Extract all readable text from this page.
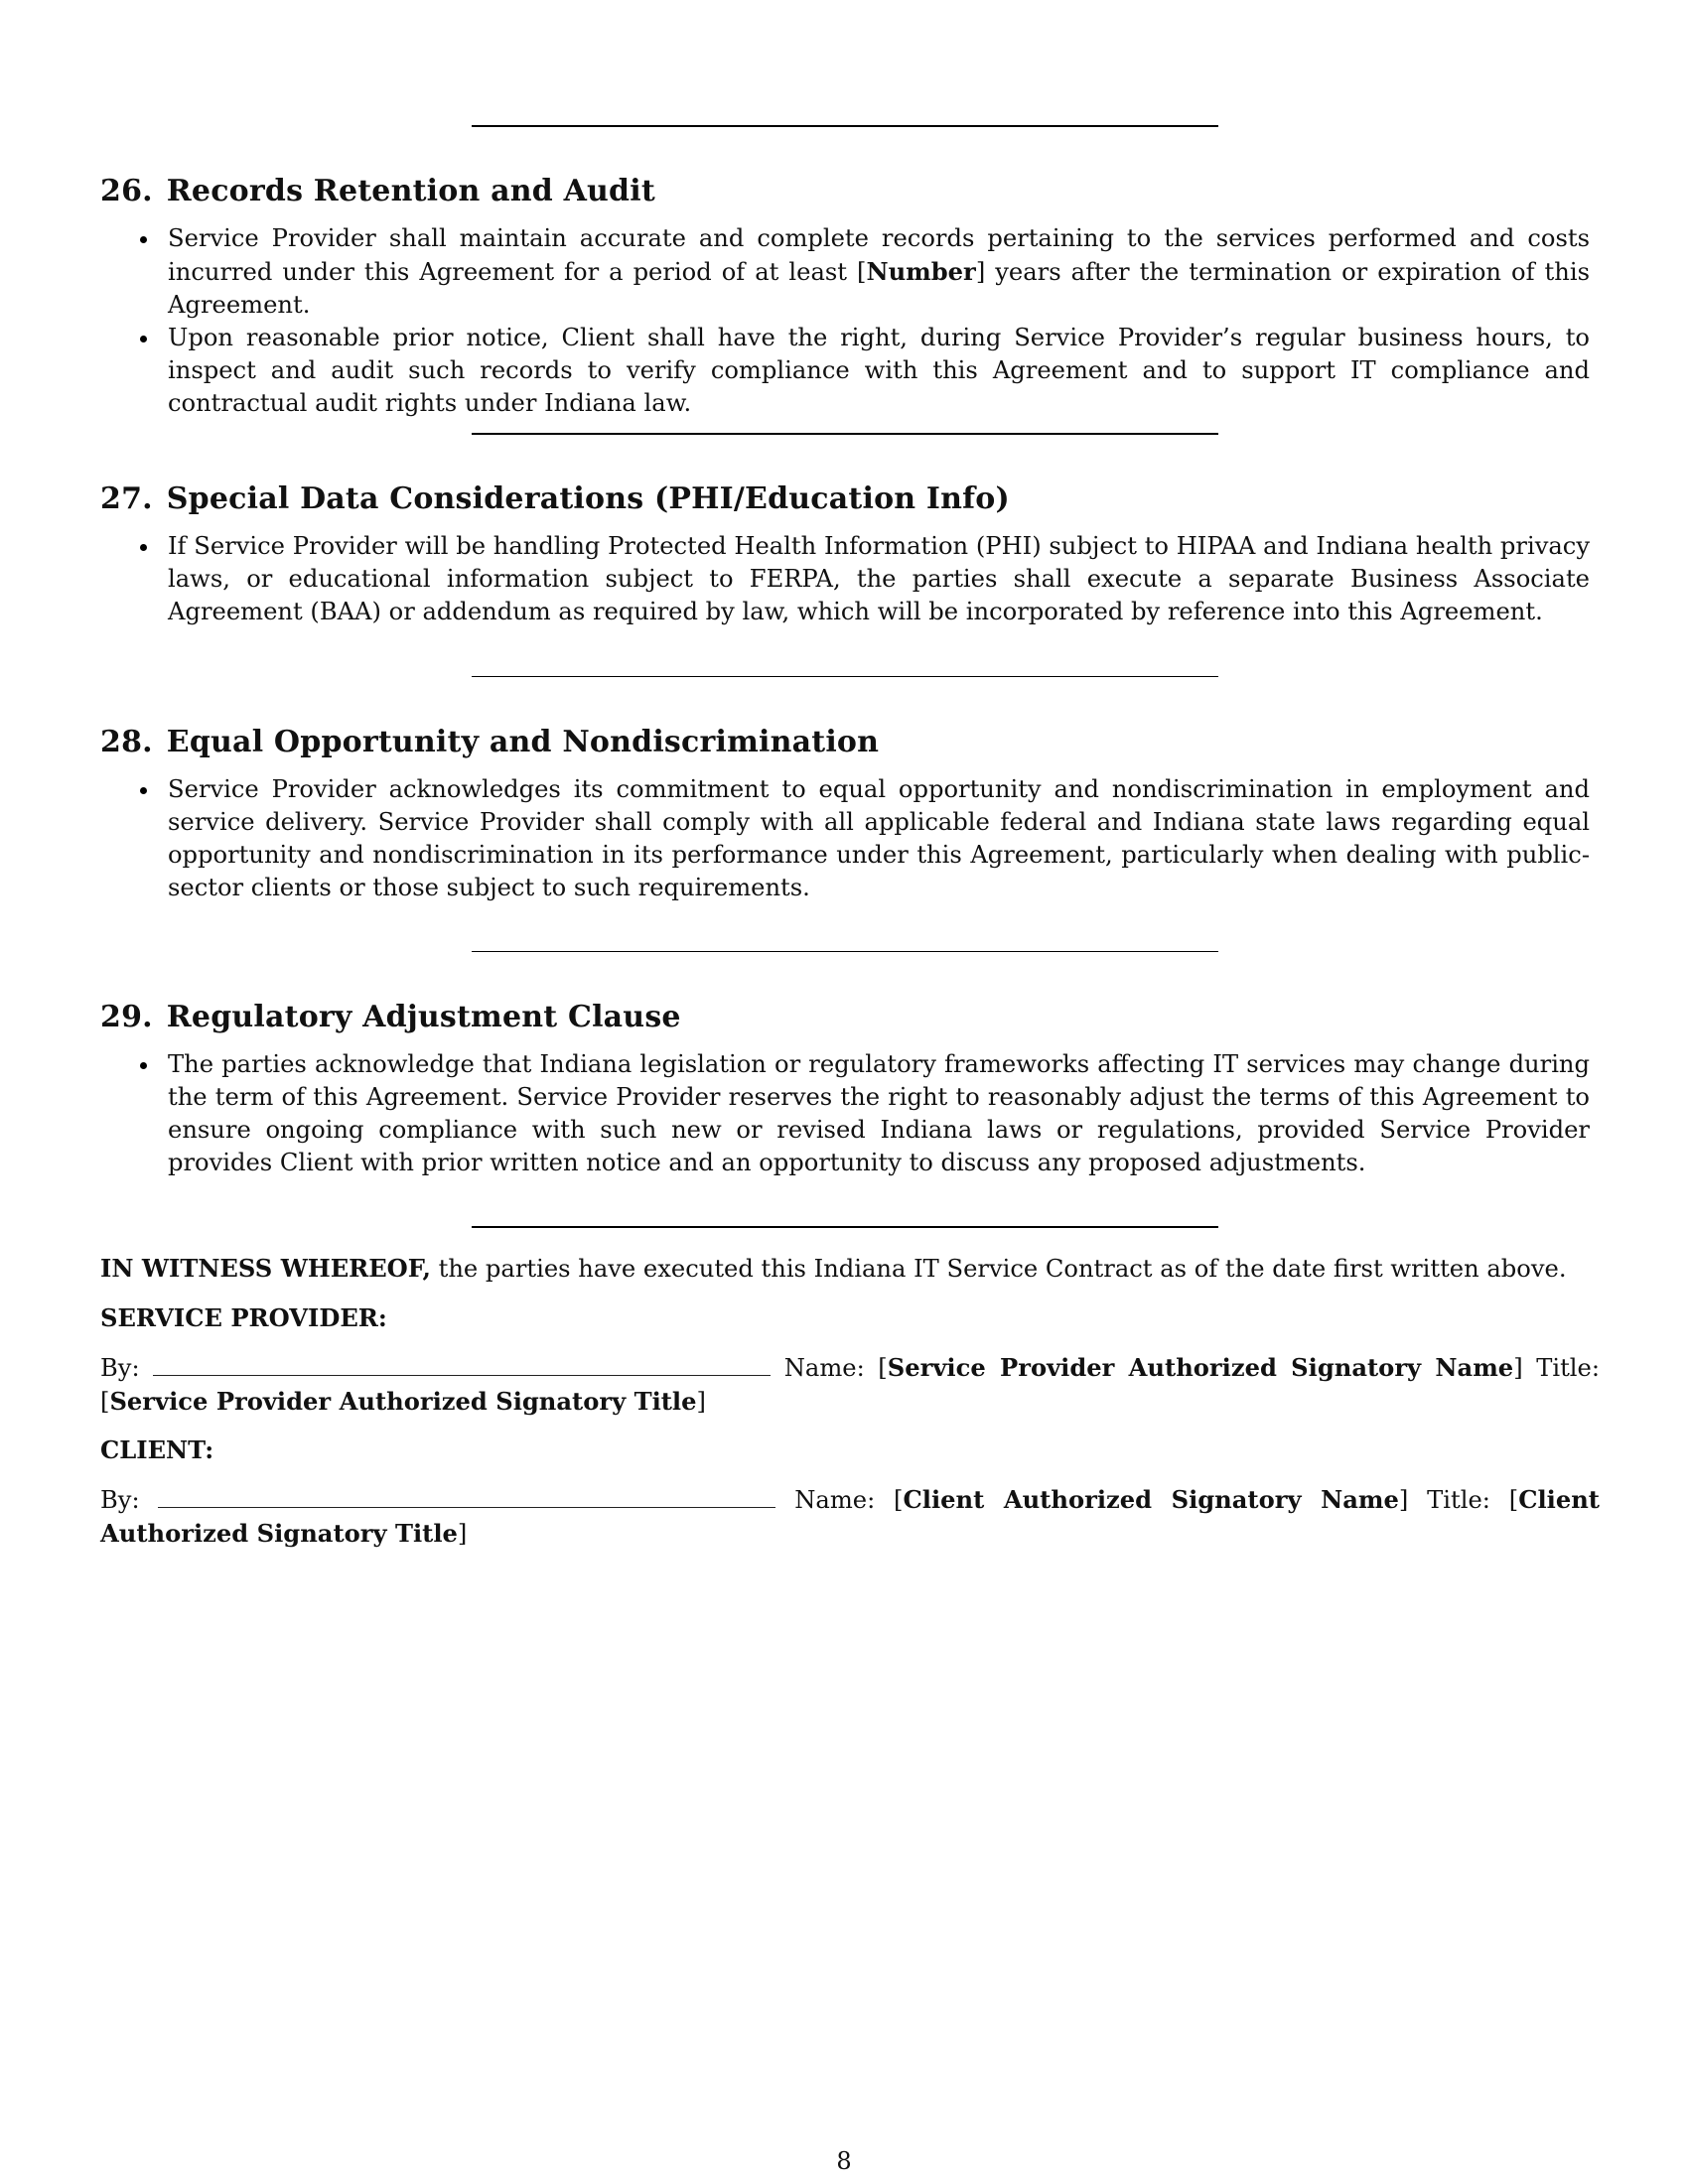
26. Records Retention and Audit
Service Provider shall maintain accurate and complete records pertaining to the services performed and costs incurred under this Agreement for a period of at least [Number] years after the termination or expiration of this Agreement.
Upon reasonable prior notice, Client shall have the right, during Service Provider’s regular business hours, to inspect and audit such records to verify compliance with this Agreement and to support IT compliance and contractual audit rights under Indiana law.
27. Special Data Considerations (PHI/Education Info)
If Service Provider will be handling Protected Health Information (PHI) subject to HIPAA and Indiana health privacy laws, or educational information subject to FERPA, the parties shall execute a separate Business Associate Agreement (BAA) or addendum as required by law, which will be incorporated by reference into this Agreement.
28. Equal Opportunity and Nondiscrimination
Service Provider acknowledges its commitment to equal opportunity and nondiscrimination in employment and service delivery. Service Provider shall comply with all applicable federal and Indiana state laws regarding equal opportunity and nondiscrimination in its performance under this Agreement, particularly when dealing with public-sector clients or those subject to such requirements.
29. Regulatory Adjustment Clause
The parties acknowledge that Indiana legislation or regulatory frameworks affecting IT services may change during the term of this Agreement. Service Provider reserves the right to reasonably adjust the terms of this Agreement to ensure ongoing compliance with such new or revised Indiana laws or regulations, provided Service Provider provides Client with prior written notice and an opportunity to discuss any proposed adjustments.
IN WITNESS WHEREOF, the parties have executed this Indiana IT Service Contract as of the date first written above.
SERVICE PROVIDER:
By:	Name: [Service Provider Authorized Signatory Name] Title: [Service Provider Authorized Signatory Title]
CLIENT:
By:	Name: [Client Authorized Signatory Name] Title: [Client Authorized Signatory Title]
8
